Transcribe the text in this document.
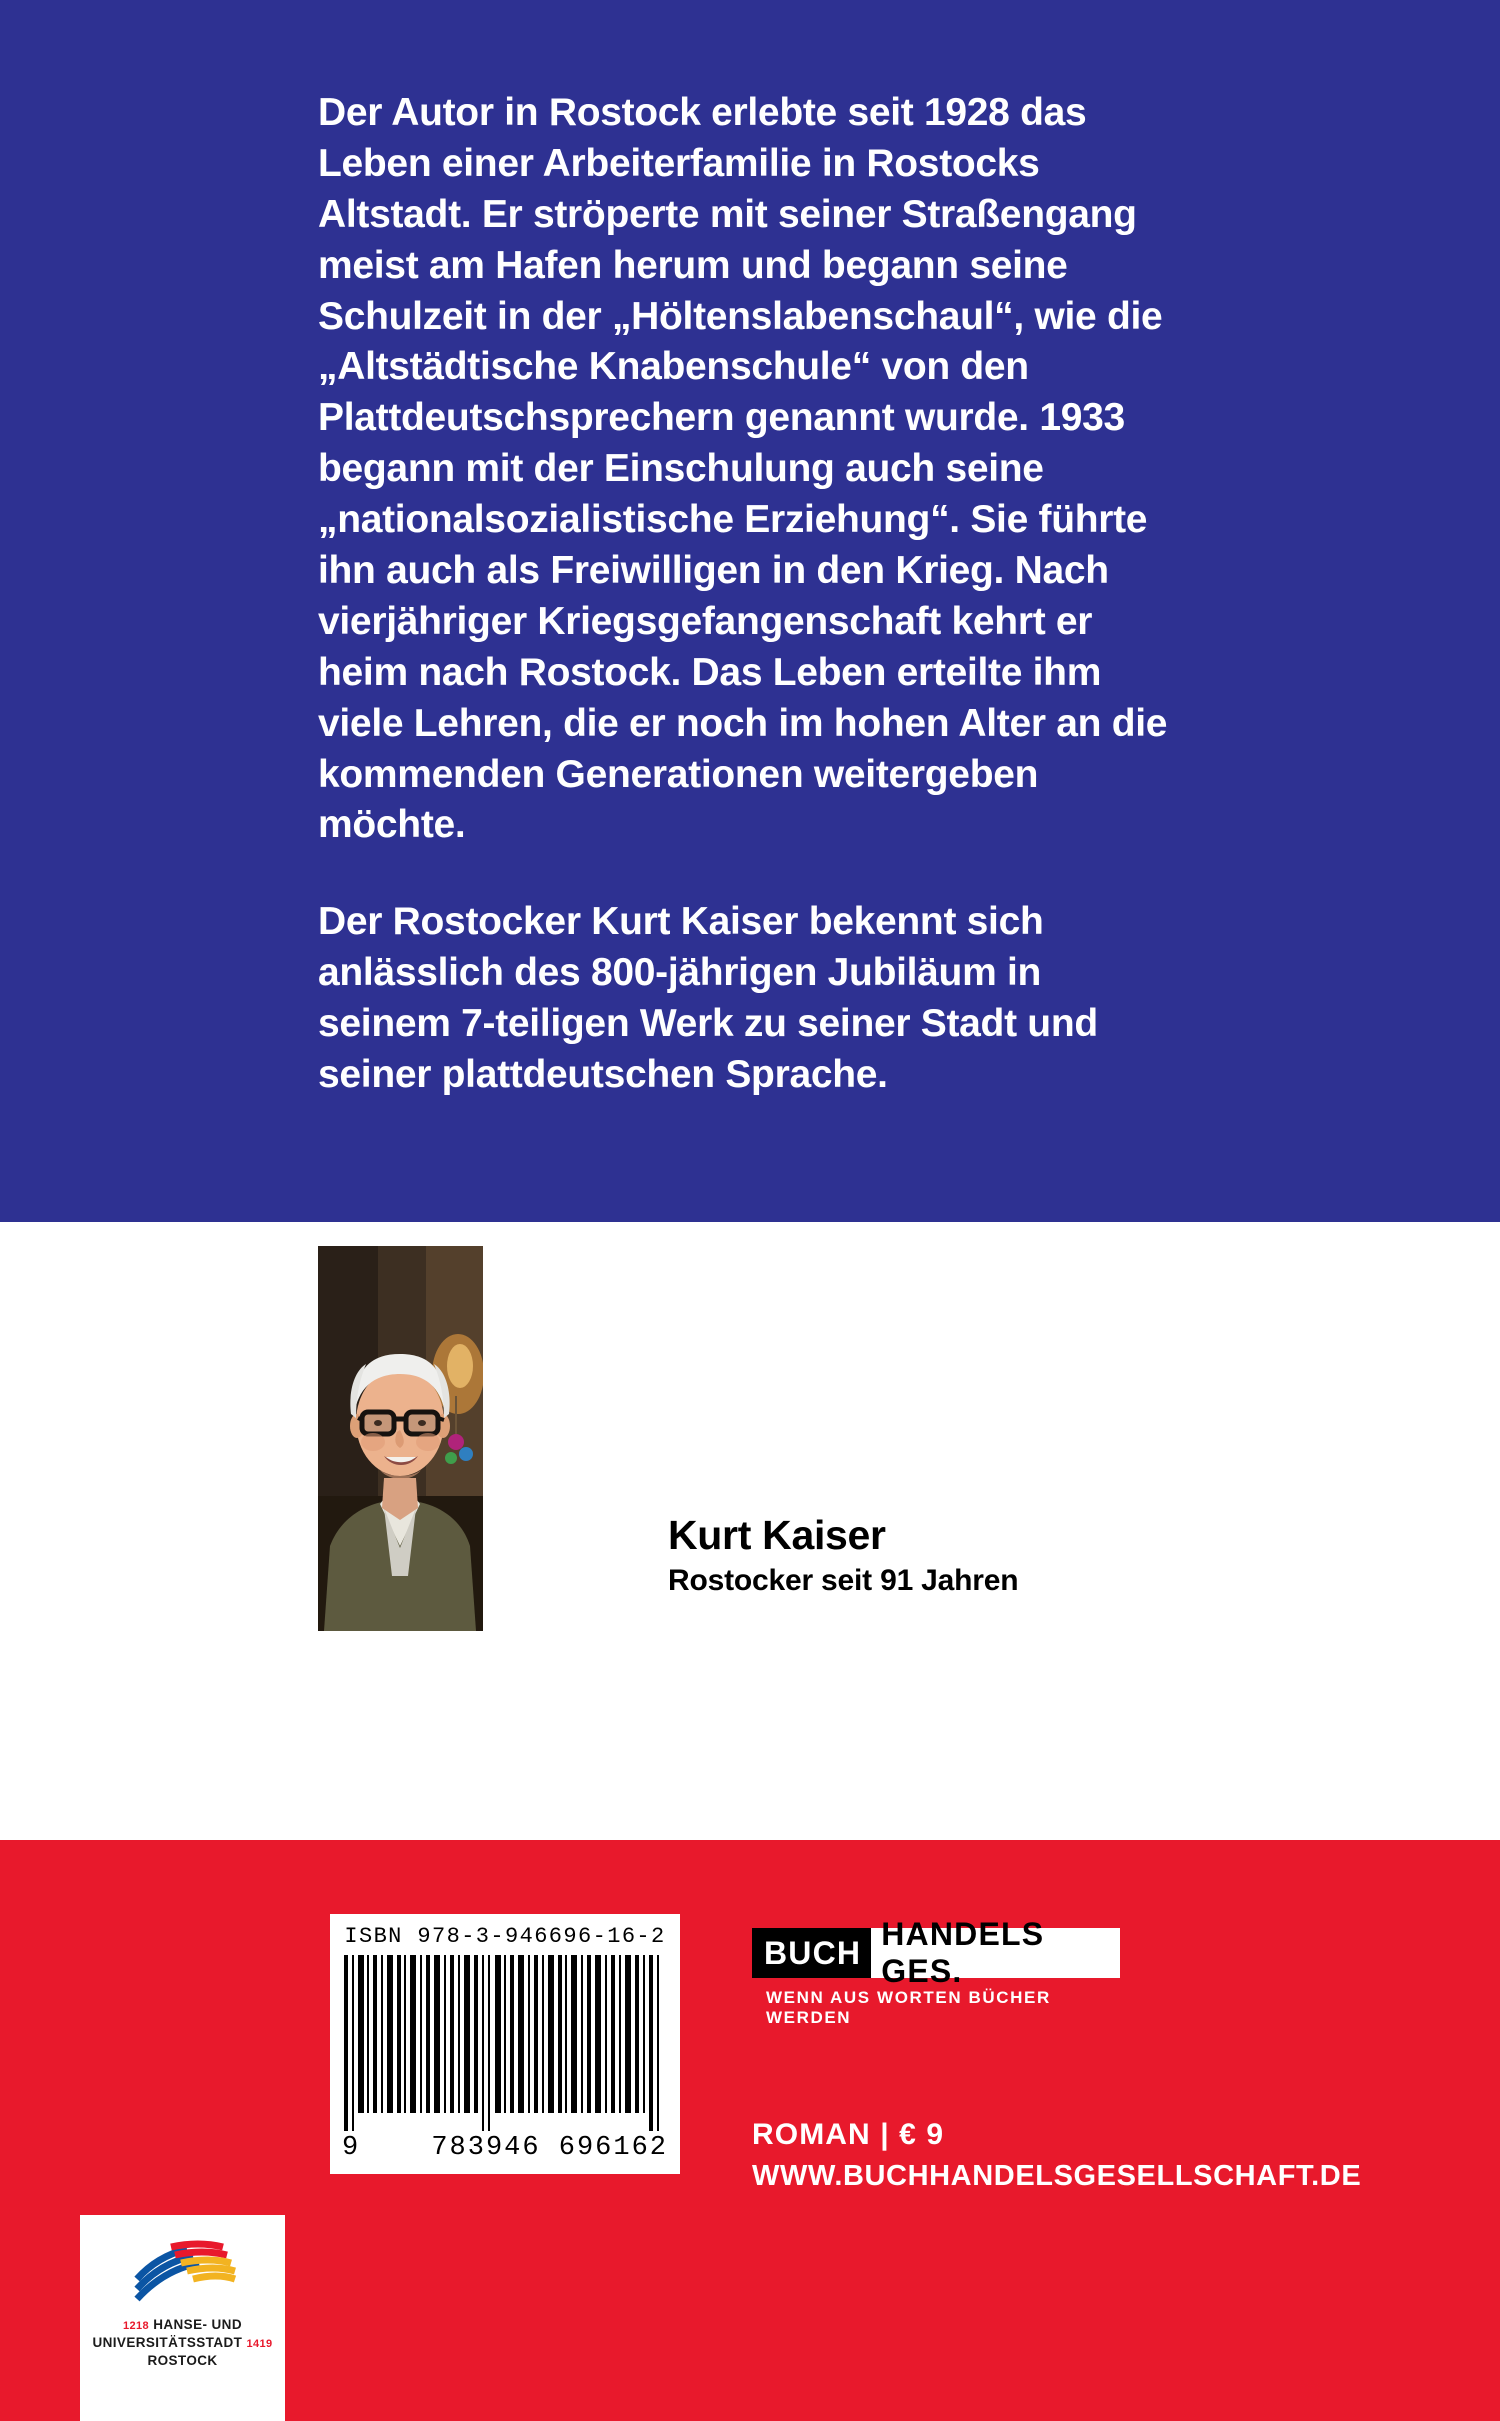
Der Autor in Rostock erlebte seit 1928 das Leben einer Arbeiterfamilie in Rostocks Altstadt. Er ströperte mit seiner Straßengang meist am Hafen herum und begann seine Schulzeit in der „Höltenslabenschaul“, wie die „Altstädtische Knabenschule“ von den Plattdeutschsprechern genannt wurde. 1933 begann mit der Einschulung auch seine „nationalsozialistische Erziehung“. Sie führte ihn auch als Freiwilligen in den Krieg. Nach vierjähriger Kriegsgefangenschaft kehrt er heim nach Rostock. Das Leben erteilte ihm viele Lehren, die er noch im hohen Alter an die kommenden Generationen weitergeben möchte.

Der Rostocker Kurt Kaiser bekennt sich anlässlich des 800-jährigen Jubiläum in seinem 7-teiligen Werk zu seiner Stadt und seiner plattdeutschen Sprache.

Kurt Kaiser
Rostocker seit 91 Jahren
ISBN 978-3-946696-16-2
9	783946 696162
BUCH
HANDELS GES.
WENN AUS WORTEN BÜCHER WERDEN
ROMAN | € 9
WWW.BUCHHANDELSGESELLSCHAFT.DE
1218 HANSE- UND
UNIVERSITÄTSSTADT 1419
ROSTOCK
